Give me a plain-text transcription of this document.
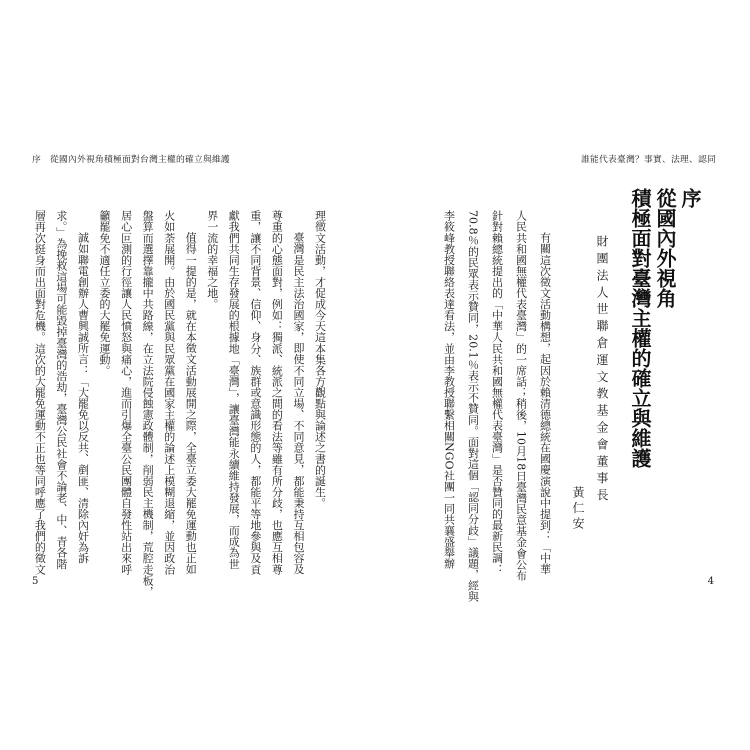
序　從國內外視角積極面對台灣主權的確立與維護
理徵文活動，才促成今天這本集各方觀點與論述之書的誕生。
臺灣是民主法治國家，即使不同立場、不同意見，都能秉持互相包容及
尊重的心態面對，例如：獨派、統派之間的看法等雖有所分歧，也應互相尊
重，讓不同背景、信仰、身分、族群或意識形態的人，都能平等地參與及貢
獻我們共同生存發展的根據地「臺灣」，讓臺灣能永續維持發展，而成為世
界一流的幸福之地。
值得一提的是，就在本徵文活動展開之際，全臺立委大罷免運動也正如
火如荼展開。由於國民黨與民眾黨在國家主權的論述上模糊退縮，並因政治
盤算而選擇靠攏中共路線，在立法院侵蝕憲政體制，削弱民主機制，荒腔走板，
居心叵測的行徑讓人民憤怒與痛心，進而引爆全臺公民團體自發性站出來呼
籲罷免不適任立委的大罷免運動。
誠如聯電創辦人曹興誠所言：「大罷免以反共、剷匪、清除內奸為訴
求。」為挽救這場可能毀掉臺灣的浩劫，臺灣公民社會不論老、中、青各階
層再次挺身而出面對危機。這次的大罷免運動不正也等同呼應了我們的徵文
5
誰能代表臺灣？事實、法理、認同
序
從國內外視角
積極面對臺灣主權的確立與維護
財團法人世聯倉運文教基金會董事長
黃仁安
有關這次徵文活動構想，起因於賴清德總統在國慶演說中提到：「中華
人民共和國無權代表臺灣」的一席話；稍後，10月18日臺灣民意基金會公布
針對賴總統提出的「中華人民共和國無權代表臺灣」是否贊同的最新民調：
70.8％的民眾表示贊同，20.1％表示不贊同。面對這個「認同分歧」議題，經與
李筱峰教授聯絡表達看法，並由李教授聯繫相關NGO社團一同共襄盛舉辦
4
